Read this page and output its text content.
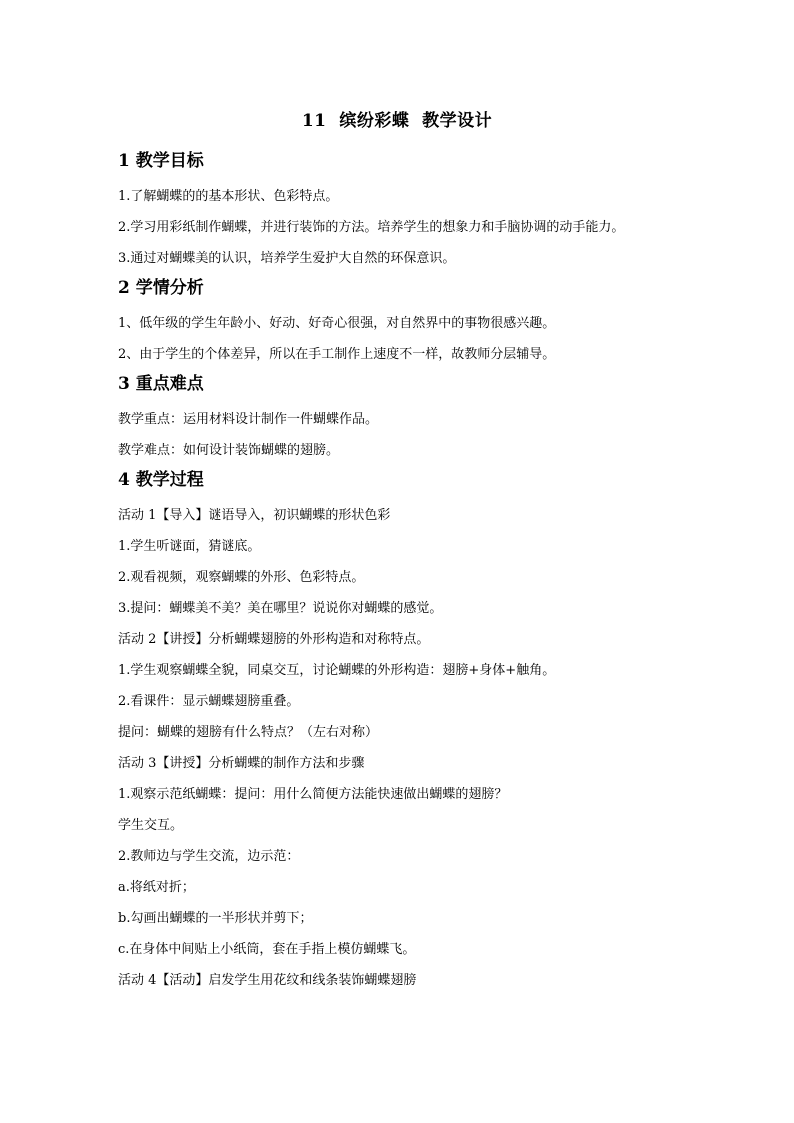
11  缤纷彩蝶  教学设计
1 教学目标
1.了解蝴蝶的的基本形状、色彩特点。
2.学习用彩纸制作蝴蝶，并进行装饰的方法。培养学生的想象力和手脑协调的动手能力。
3.通过对蝴蝶美的认识，培养学生爱护大自然的环保意识。
2 学情分析
1、低年级的学生年龄小、好动、好奇心很强，对自然界中的事物很感兴趣。
2、由于学生的个体差异，所以在手工制作上速度不一样，故教师分层辅导。
3 重点难点
教学重点：运用材料设计制作一件蝴蝶作品。
教学难点：如何设计装饰蝴蝶的翅膀。
4 教学过程
活动 1【导入】谜语导入，初识蝴蝶的形状色彩
1.学生听谜面，猜谜底。
2.观看视频，观察蝴蝶的外形、色彩特点。
3.提问：蝴蝶美不美？美在哪里？说说你对蝴蝶的感觉。
活动 2【讲授】分析蝴蝶翅膀的外形构造和对称特点。
1.学生观察蝴蝶全貌，同桌交互，讨论蝴蝶的外形构造：翅膀+身体+触角。
2.看课件：显示蝴蝶翅膀重叠。
提问：蝴蝶的翅膀有什么特点？（左右对称）
活动 3【讲授】分析蝴蝶的制作方法和步骤
1.观察示范纸蝴蝶：提问：用什么简便方法能快速做出蝴蝶的翅膀？
学生交互。
2.教师边与学生交流，边示范：
a.将纸对折；
b.勾画出蝴蝶的一半形状并剪下；
c.在身体中间贴上小纸筒，套在手指上模仿蝴蝶飞。
活动 4【活动】启发学生用花纹和线条装饰蝴蝶翅膀
